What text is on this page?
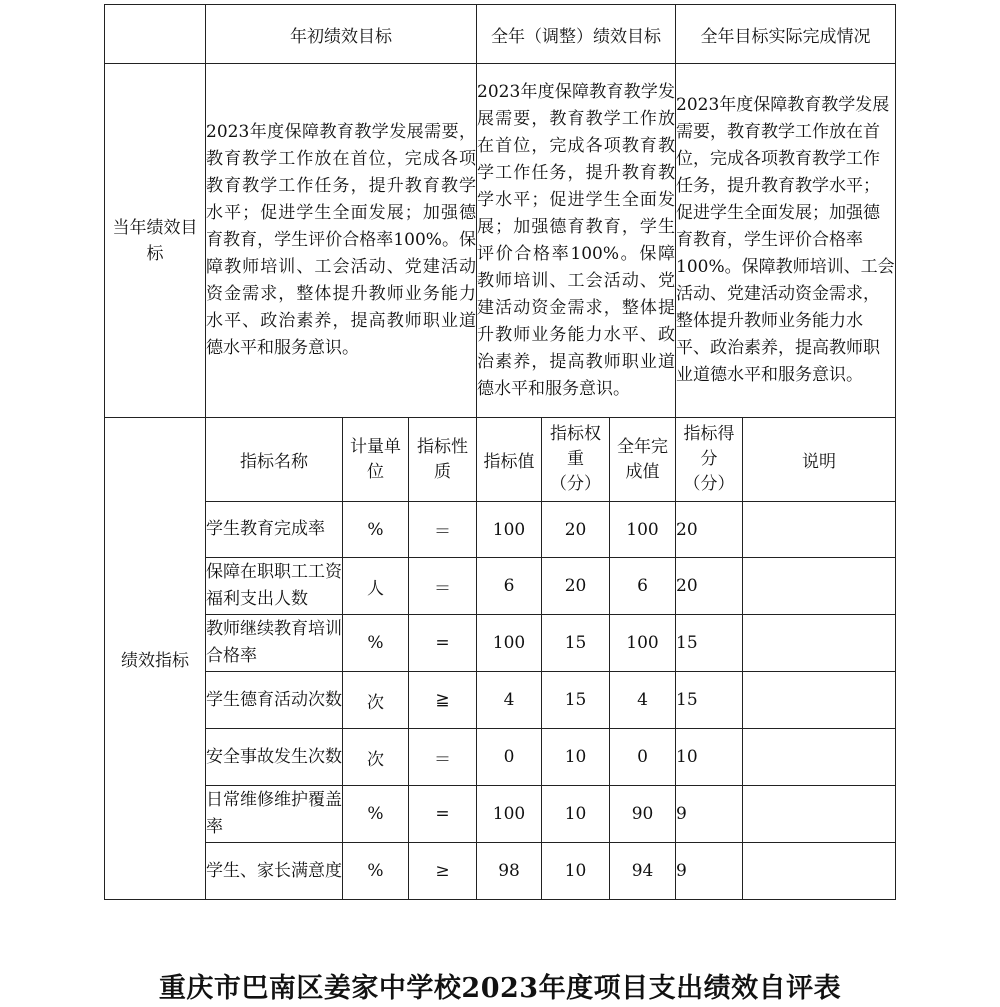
	年初绩效目标			全年（调整）绩效目标			全年目标实际完成情况	
当年绩效目标	2023年度保障教育教学发展需要，教育教学工作放在首位，完成各项教育教学工作任务，提升教育教学水平；促进学生全面发展；加强德育教育，学生评价合格率100%。保障教师培训、工会活动、党建活动资金需求，整体提升教师业务能力水平、政治素养，提高教师职业道德水平和服务意识。			2023年度保障教育教学发展需要，教育教学工作放在首位，完成各项教育教学工作任务，提升教育教学水平；促进学生全面发展；加强德育教育，学生评价合格率100%。保障教师培训、工会活动、党建活动资金需求，整体提升教师业务能力水平、政治素养，提高教师职业道德水平和服务意识。			2023年度保障教育教学发展需要，教育教学工作放在首位，完成各项教育教学工作任务，提升教育教学水平；促进学生全面发展；加强德育教育，学生评价合格率100%。保障教师培训、工会活动、党建活动资金需求，整体提升教师业务能力水平、政治素养，提高教师职业道德水平和服务意识。	
绩效指标	指标名称	计量单位	指标性质	指标值	指标权重（分）	全年完成值	指标得分（分）	说明
	学生教育完成率	%	＝	100	20	100	20	
	保障在职职工工资福利支出人数	人	＝	6	20	6	20	
	教师继续教育培训合格率	%	=	100	15	100	15	
	学生德育活动次数	次	≧	4	15	4	15	
	安全事故发生次数	次	＝	0	10	0	10	
	日常维修维护覆盖率	%	=	100	10	90	9	
	学生、家长满意度	%	≥	98	10	94	9	
重庆市巴南区姜家中学校2023年度项目支出绩效自评表
